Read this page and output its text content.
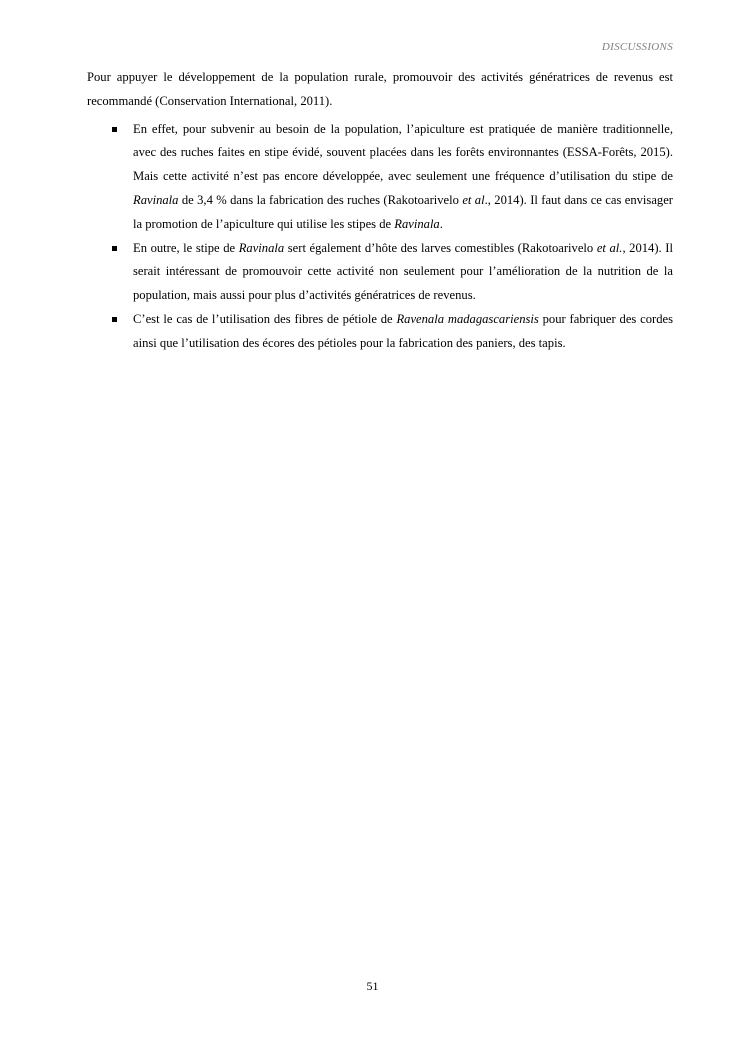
DISCUSSIONS

Pour appuyer le développement de la population rurale, promouvoir des activités génératrices de revenus est recommandé (Conservation International, 2011).

En effet, pour subvenir au besoin de la population, l’apiculture est pratiquée de manière traditionnelle, avec des ruches faites en stipe évidé, souvent placées dans les forêts environnantes (ESSA-Forêts, 2015). Mais cette activité n’est pas encore développée, avec seulement une fréquence d’utilisation du stipe de Ravinala de 3,4 % dans la fabrication des ruches (Rakotoarivelo et al., 2014). Il faut dans ce cas envisager la promotion de l’apiculture qui utilise les stipes de Ravinala.
En outre, le stipe de Ravinala sert également d’hôte des larves comestibles (Rakotoarivelo et al., 2014). Il serait intéressant de promouvoir cette activité non seulement pour l’amélioration de la nutrition de la population, mais aussi pour plus d’activités génératrices de revenus.
C’est le cas de l’utilisation des fibres de pétiole de Ravenala madagascariensis pour fabriquer des cordes ainsi que l’utilisation des écores des pétioles pour la fabrication des paniers, des tapis.
51
